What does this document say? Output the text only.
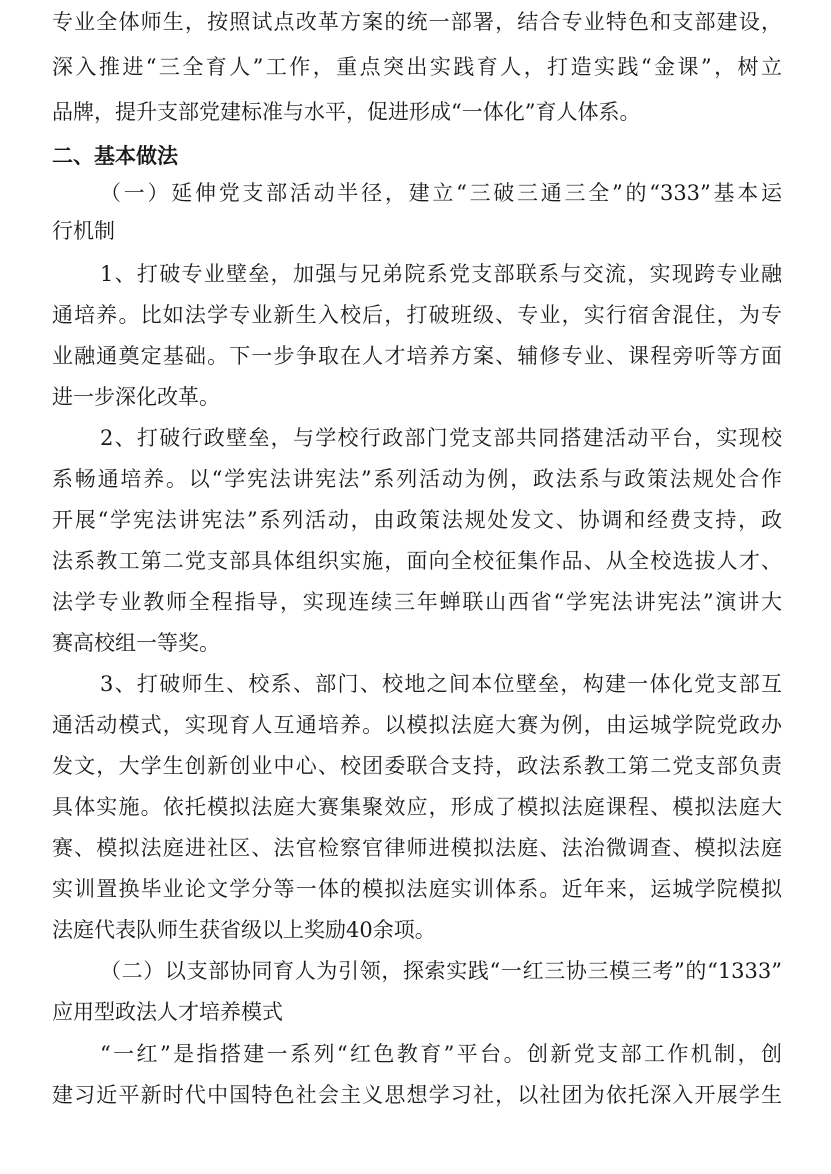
专业全体师生，按照试点改革方案的统一部署，结合专业特色和支部建设，
深入推进“三全育人”工作，重点突出实践育人，打造实践“金课”，树立
品牌，提升支部党建标准与水平，促进形成“一体化”育人体系。
二、基本做法
（一）延伸党支部活动半径，建立“三破三通三全”的“333”基本运
行机制
1、打破专业壁垒，加强与兄弟院系党支部联系与交流，实现跨专业融
通培养。比如法学专业新生入校后，打破班级、专业，实行宿舍混住，为专
业融通奠定基础。下一步争取在人才培养方案、辅修专业、课程旁听等方面
进一步深化改革。
2、打破行政壁垒，与学校行政部门党支部共同搭建活动平台，实现校
系畅通培养。以“学宪法讲宪法”系列活动为例，政法系与政策法规处合作
开展“学宪法讲宪法”系列活动，由政策法规处发文、协调和经费支持，政
法系教工第二党支部具体组织实施，面向全校征集作品、从全校选拔人才、
法学专业教师全程指导，实现连续三年蝉联山西省“学宪法讲宪法”演讲大
赛高校组一等奖。
3、打破师生、校系、部门、校地之间本位壁垒，构建一体化党支部互
通活动模式，实现育人互通培养。以模拟法庭大赛为例，由运城学院党政办
发文，大学生创新创业中心、校团委联合支持，政法系教工第二党支部负责
具体实施。依托模拟法庭大赛集聚效应，形成了模拟法庭课程、模拟法庭大
赛、模拟法庭进社区、法官检察官律师进模拟法庭、法治微调查、模拟法庭
实训置换毕业论文学分等一体的模拟法庭实训体系。近年来，运城学院模拟
法庭代表队师生获省级以上奖励40余项。
（二）以支部协同育人为引领，探索实践“一红三协三模三考”的“1333”
应用型政法人才培养模式
“一红”是指搭建一系列“红色教育”平台。创新党支部工作机制，创
建习近平新时代中国特色社会主义思想学习社，以社团为依托深入开展学生
